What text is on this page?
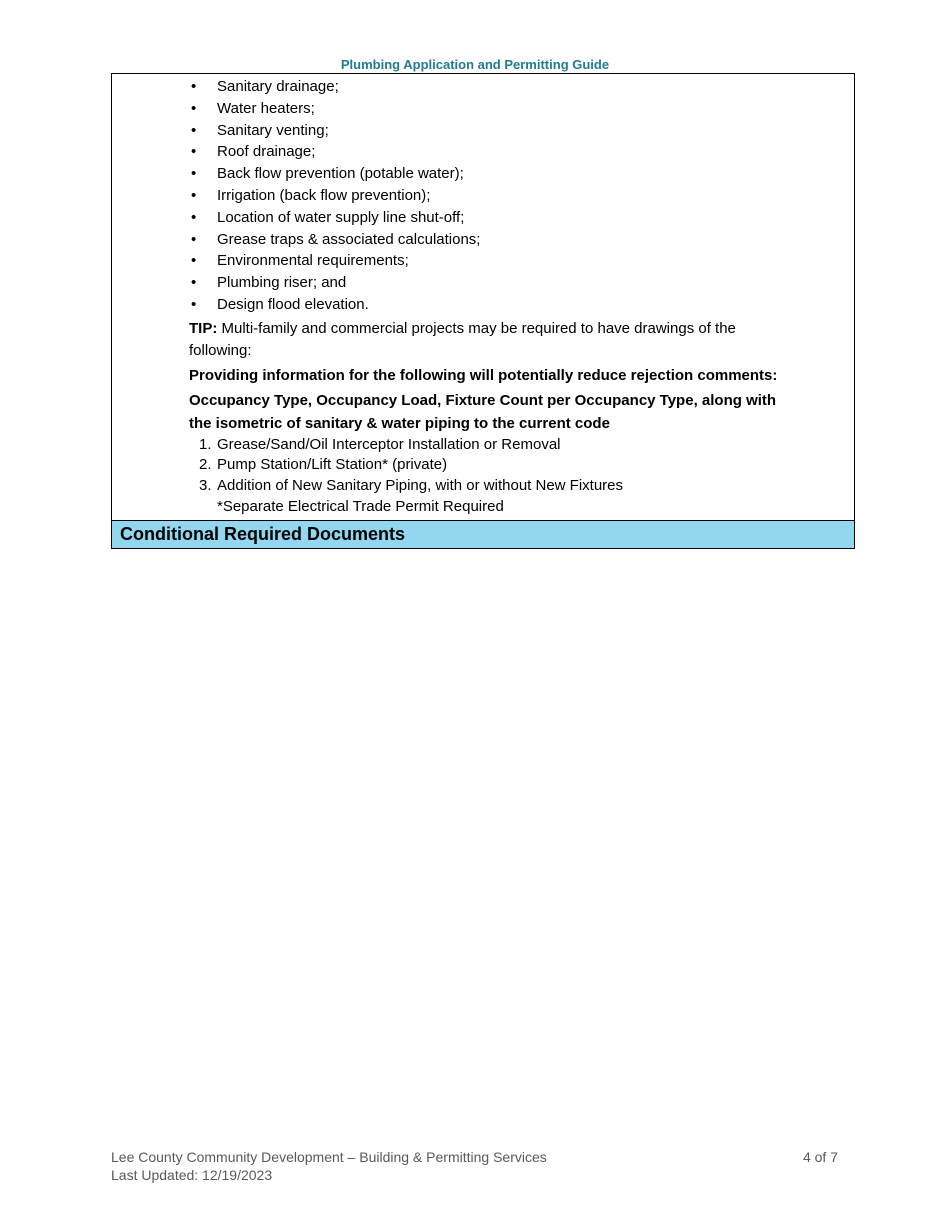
Plumbing Application and Permitting Guide
• Sanitary drainage;
• Water heaters;
• Sanitary venting;
• Roof drainage;
• Back flow prevention (potable water);
• Irrigation (back flow prevention);
• Location of water supply line shut-off;
• Grease traps & associated calculations;
• Environmental requirements;
• Plumbing riser; and
• Design flood elevation.
TIP: Multi-family and commercial projects may be required to have drawings of the following:
Providing information for the following will potentially reduce rejection comments:
Occupancy Type, Occupancy Load, Fixture Count per Occupancy Type, along with the isometric of sanitary & water piping to the current code
1. Grease/Sand/Oil Interceptor Installation or Removal
2. Pump Station/Lift Station* (private)
3. Addition of New Sanitary Piping, with or without New Fixtures
*Separate Electrical Trade Permit Required
Conditional Required Documents
Lee County Community Development – Building & Permitting Services
Last Updated: 12/19/2023
4 of 7
